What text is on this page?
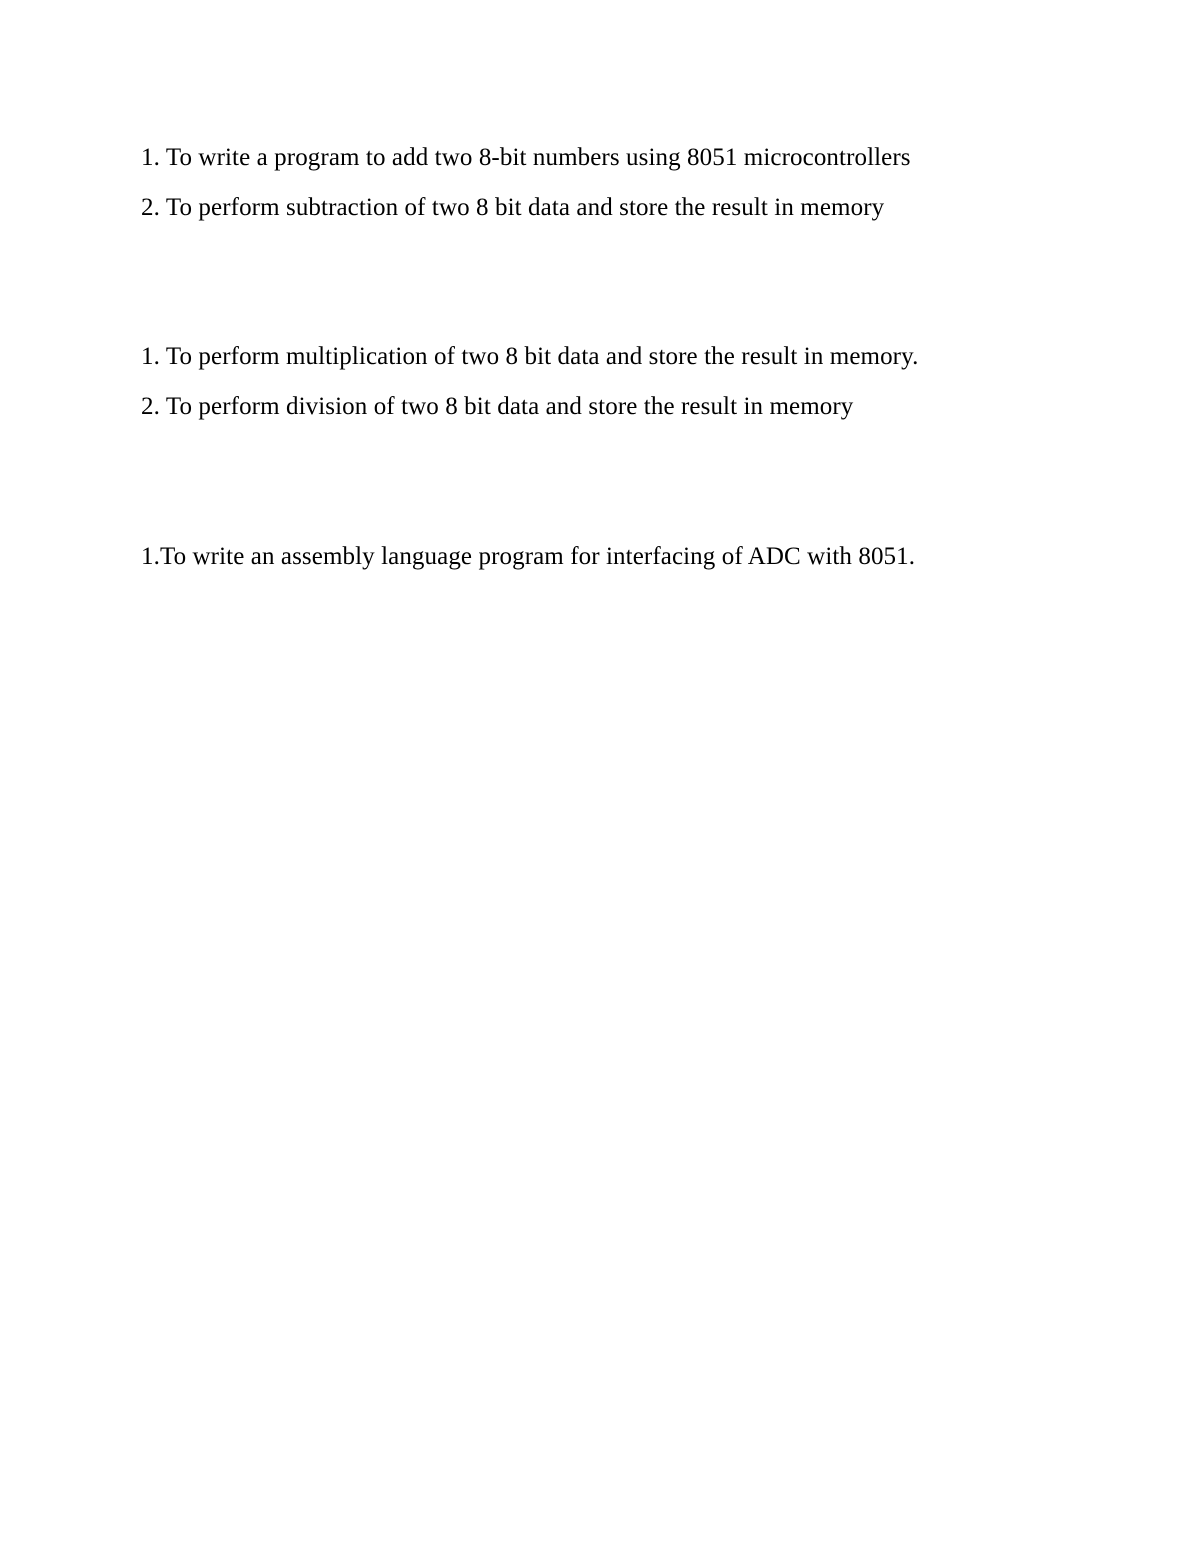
1. To write a program to add two 8-bit numbers using 8051 microcontrollers
2. To perform subtraction of two 8 bit data and store the result in memory
1. To perform multiplication of two 8 bit data and store the result in memory.
2. To perform division of two 8 bit data and store the result in memory
1.To write an assembly language program for interfacing of ADC with 8051.
